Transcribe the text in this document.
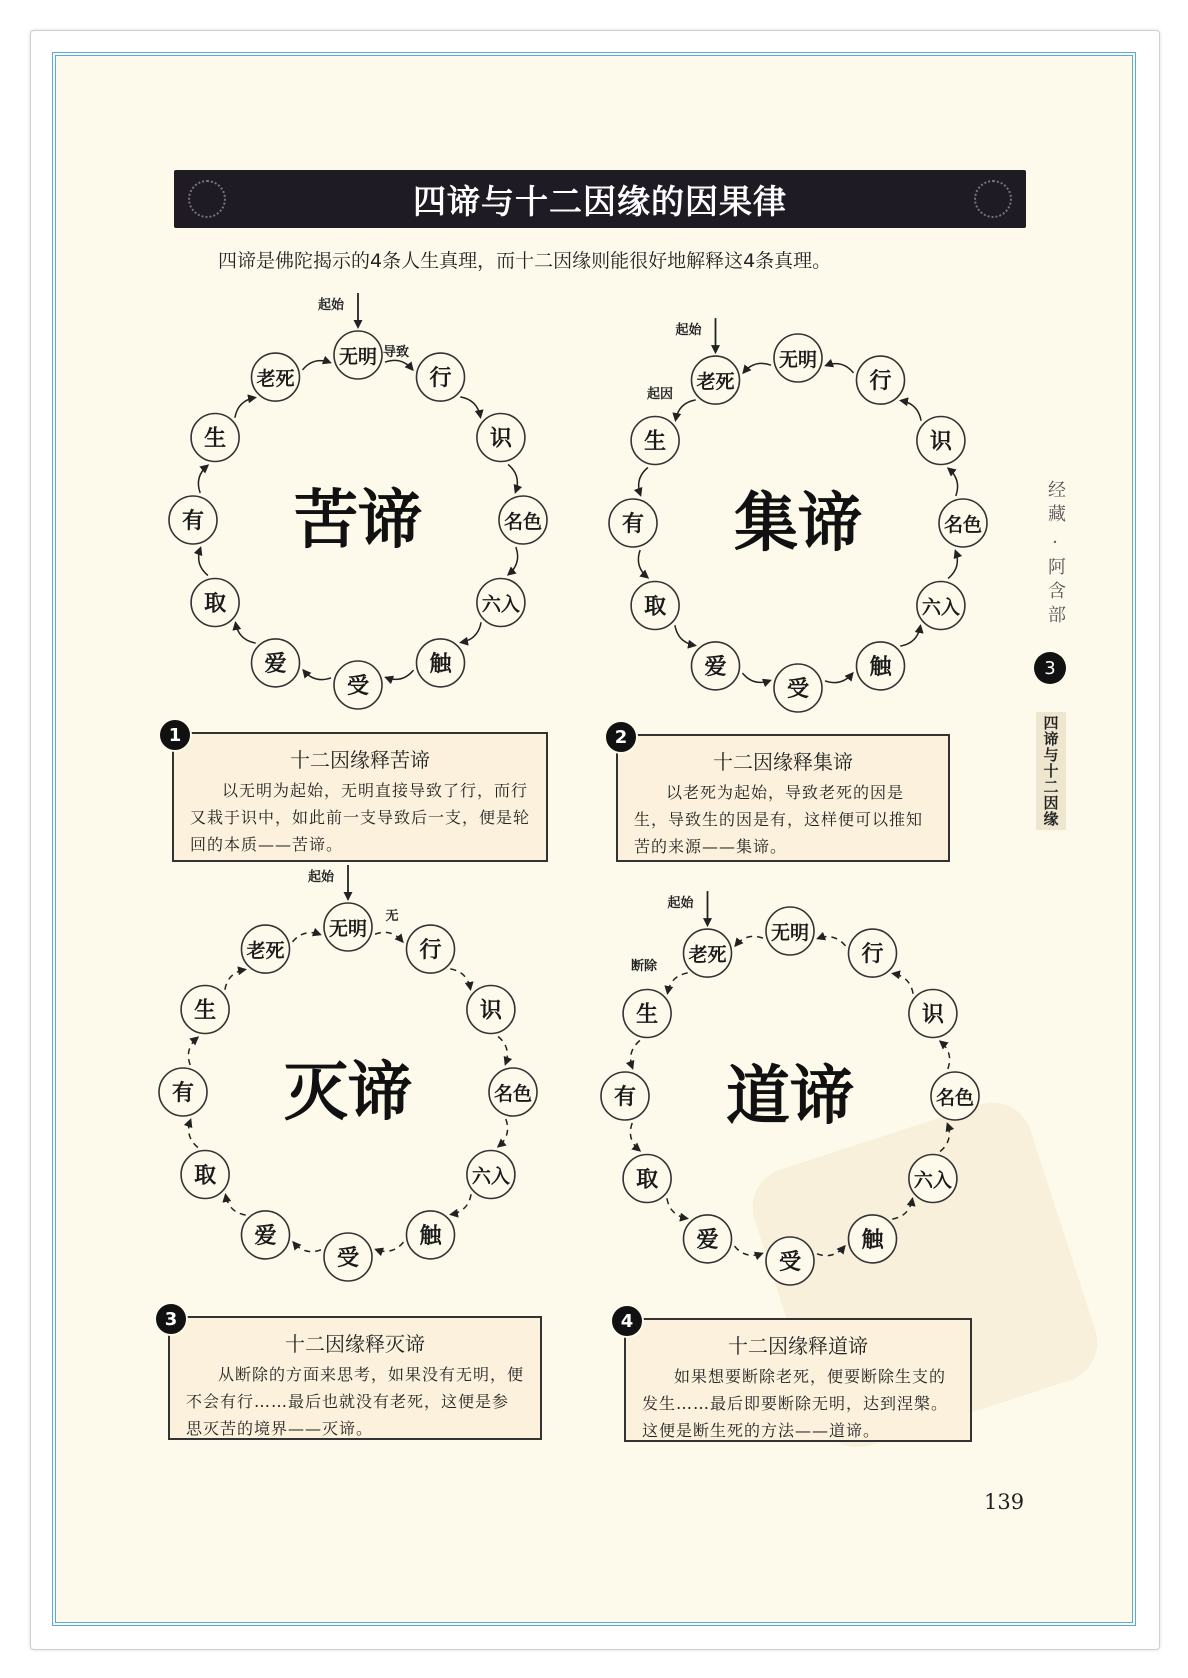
四谛与十二因缘的因果律
四谛是佛陀揭示的4条人生真理，而十二因缘则能很好地解释这4条真理。
无明
行
识
名色
六入
触
受
爱
取
有
生
老死
苦谛
起始
导致	无明
行
识
名色
六入
触
受
爱
取
有
生
老死
集谛
起始
起因
无明
行
识
名色
六入
触
受
爱
取
有
生
老死
灭谛
起始
无
无明
行
识
名色
六入
触
受
爱
取
有
生
老死
道谛
起始
断除
十二因缘释苦谛
以无明为起始，无明直接导致了行，而行又栽于识中，如此前一支导致后一支，便是轮回的本质——苦谛。
1
十二因缘释集谛
以老死为起始，导致老死的因是生，导致生的因是有，这样便可以推知苦的来源——集谛。
2
十二因缘释灭谛
从断除的方面来思考，如果没有无明，便不会有行……最后也就没有老死，这便是参思灭苦的境界——灭谛。
3
十二因缘释道谛
如果想要断除老死，便要断除生支的发生……最后即要断除无明，达到涅槃。这便是断生死的方法——道谛。
4
经藏
·
阿含部
3
四谛与十二因缘
139
